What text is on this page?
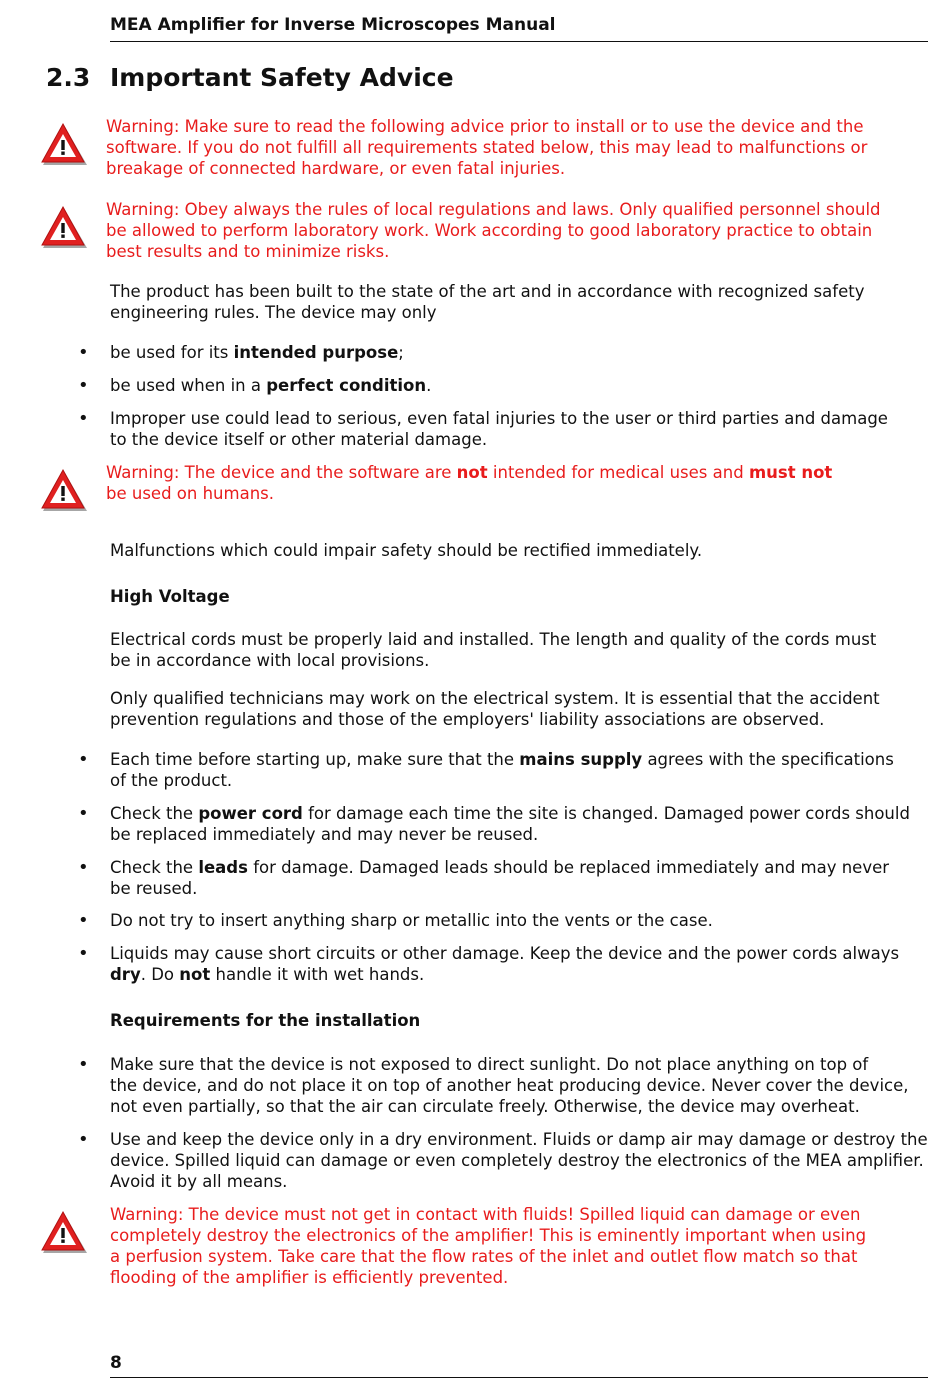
MEA Amplifier for Inverse Microscopes Manual
2.3 Important Safety Advice
Warning: Make sure to read the following advice prior to install or to use the device and the
software. If you do not fulfill all requirements stated below, this may lead to malfunctions or
breakage of connected hardware, or even fatal injuries.
Warning: Obey always the rules of local regulations and laws. Only qualified personnel should
be allowed to perform laboratory work. Work according to good laboratory practice to obtain
best results and to minimize risks.
The product has been built to the state of the art and in accordance with recognized safety
engineering rules. The device may only
• be used for its intended purpose;
• be used when in a perfect condition.
• Improper use could lead to serious, even fatal injuries to the user or third parties and damage
to the device itself or other material damage.
Warning: The device and the software are not intended for medical uses and must not
be used on humans.
Malfunctions which could impair safety should be rectified immediately.
High Voltage
Electrical cords must be properly laid and installed. The length and quality of the cords must
be in accordance with local provisions.
Only qualified technicians may work on the electrical system. It is essential that the accident
prevention regulations and those of the employers' liability associations are observed.
• Each time before starting up, make sure that the mains supply agrees with the specifications
of the product.
• Check the power cord for damage each time the site is changed. Damaged power cords should
be replaced immediately and may never be reused.
• Check the leads for damage. Damaged leads should be replaced immediately and may never
be reused.
• Do not try to insert anything sharp or metallic into the vents or the case.
• Liquids may cause short circuits or other damage. Keep the device and the power cords always
dry. Do not handle it with wet hands.
Requirements for the installation
• Make sure that the device is not exposed to direct sunlight. Do not place anything on top of
the device, and do not place it on top of another heat producing device. Never cover the device,
not even partially, so that the air can circulate freely. Otherwise, the device may overheat.
• Use and keep the device only in a dry environment. Fluids or damp air may damage or destroy the
device. Spilled liquid can damage or even completely destroy the electronics of the MEA amplifier.
Avoid it by all means.
Warning: The device must not get in contact with fluids! Spilled liquid can damage or even
completely destroy the electronics of the amplifier! This is eminently important when using
a perfusion system. Take care that the flow rates of the inlet and outlet flow match so that
flooding of the amplifier is efficiently prevented.
8
